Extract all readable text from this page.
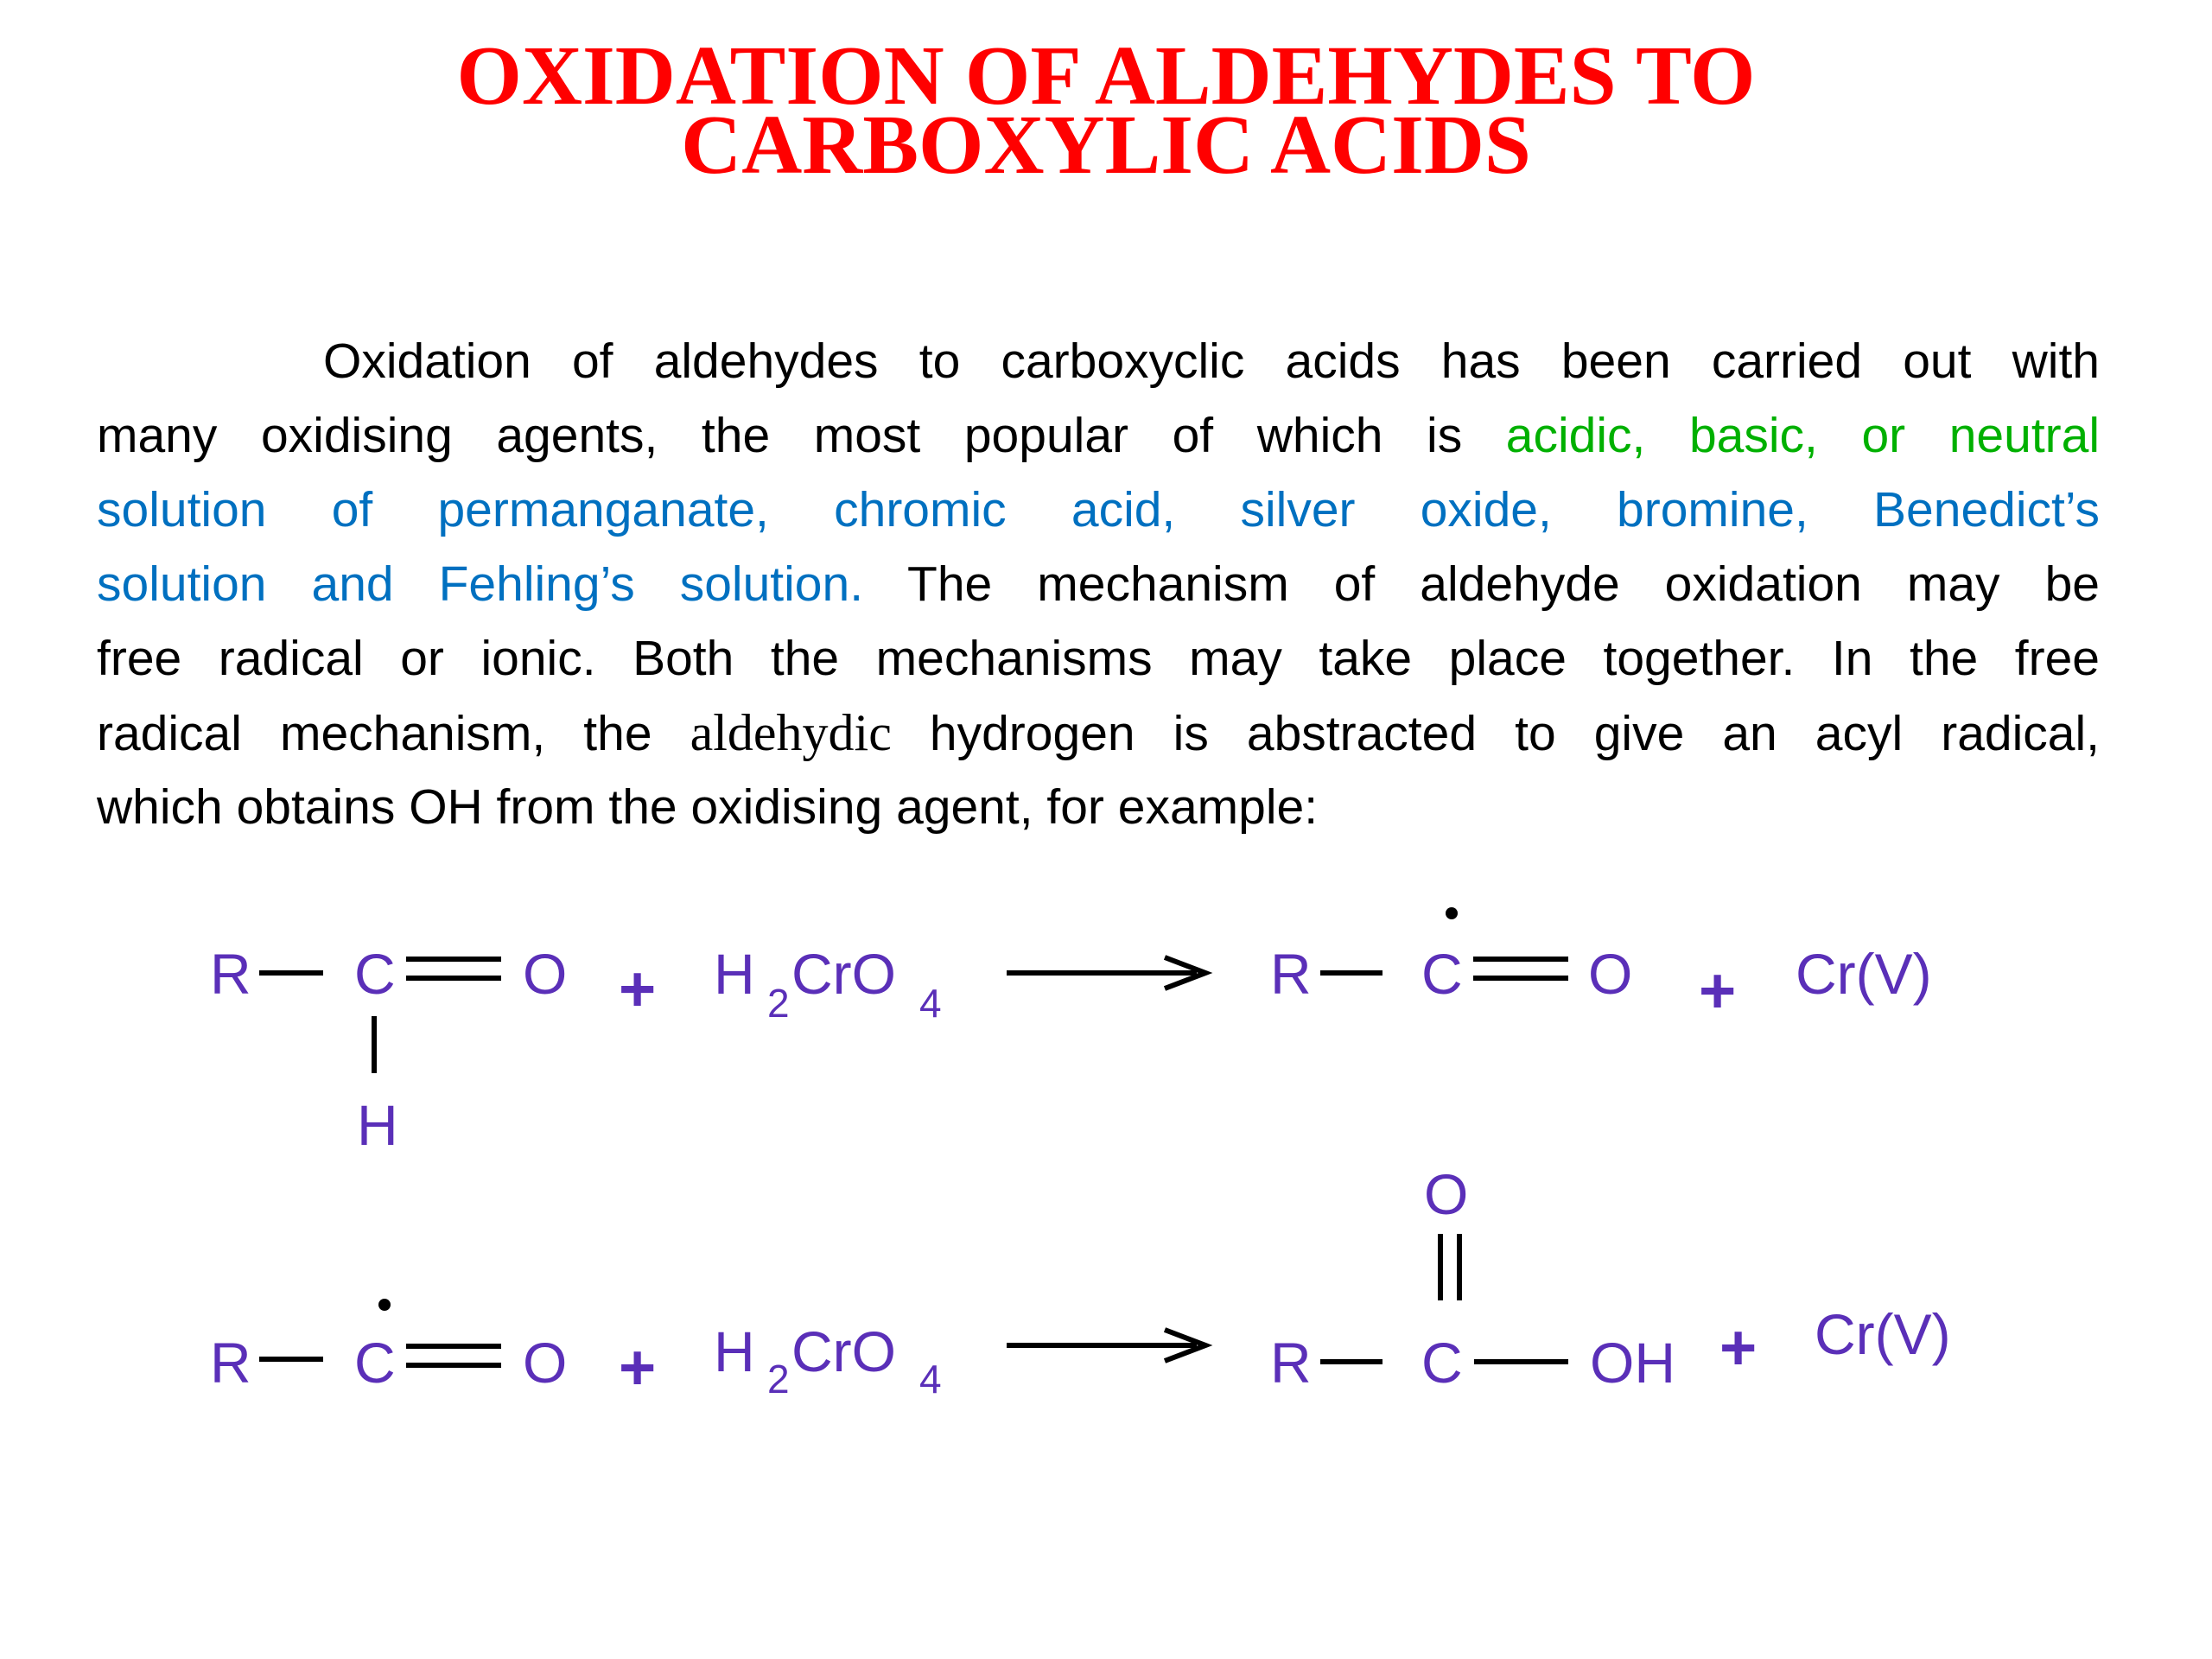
OXIDATION OF ALDEHYDES TO
CARBOXYLIC ACIDS
Oxidation of aldehydes to carboxyclic acids has been carried out with
many oxidising agents, the most popular of which is acidic, basic, or neutral
solution of permanganate, chromic acid, silver oxide, bromine, Benedict’s
solution and Fehling’s solution. The mechanism of aldehyde oxidation may be
free radical or ionic. Both the mechanisms may take place together. In the free
radical mechanism, the aldehydic hydrogen is abstracted to give an acyl radical,
which obtains OH from the oxidising agent, for example:
R C O
H
+ H 2 CrO 4	R C O + Cr(V)
R C O + H 2 CrO 4	R C
O
OH + Cr(V)
